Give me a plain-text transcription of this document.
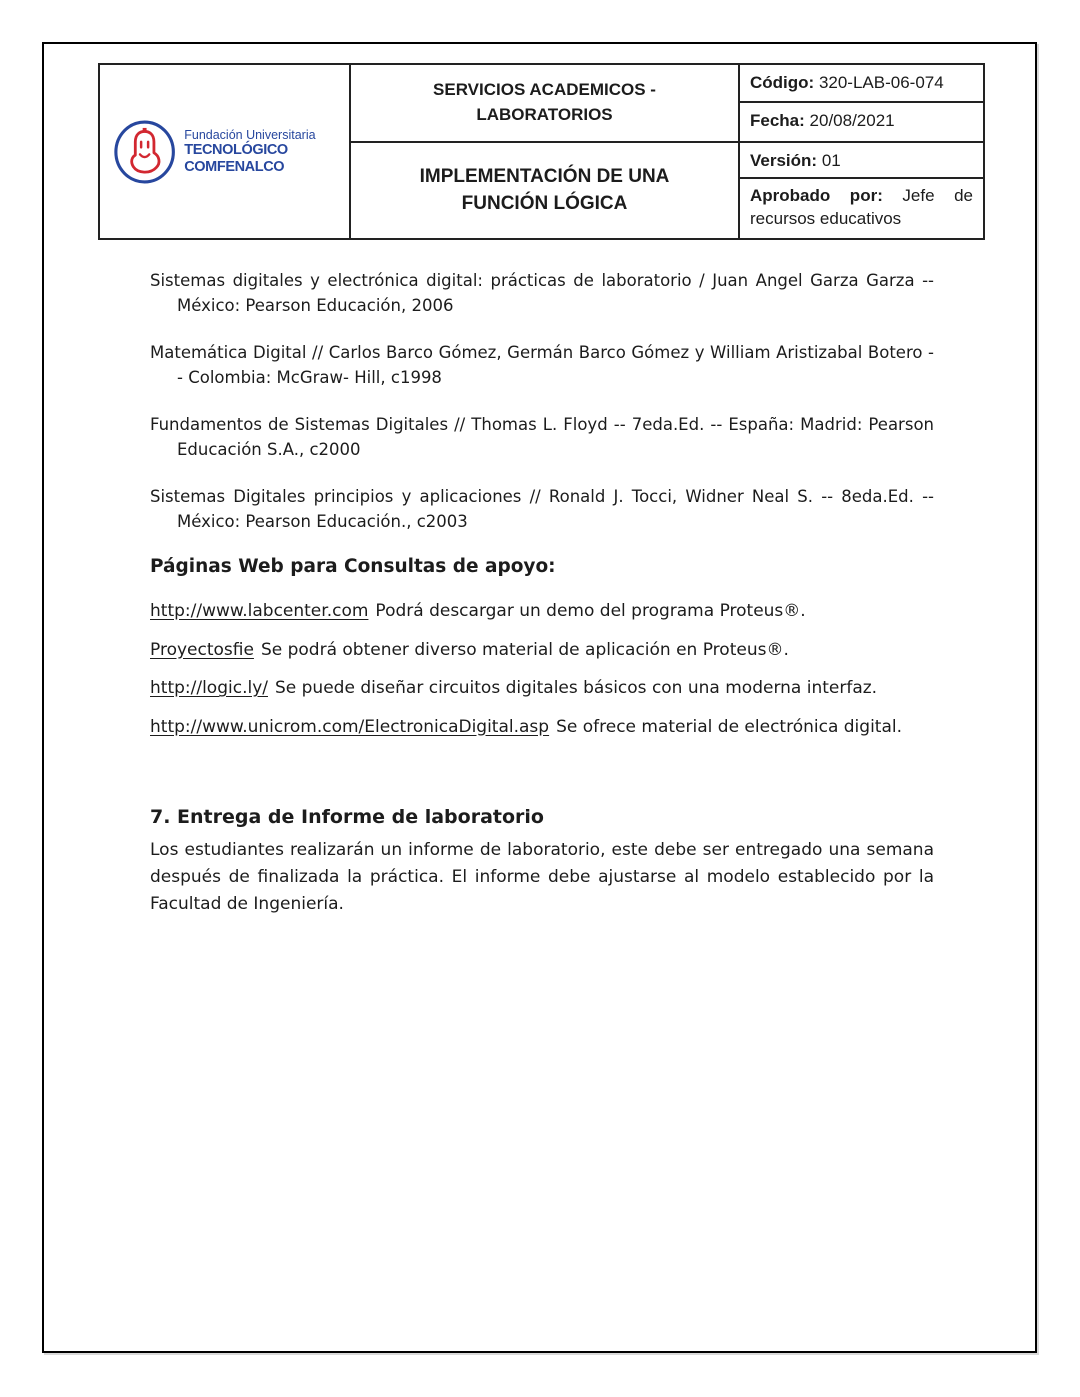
Fundación Universitaria
TECNOLÓGICO COMFENALCO
SERVICIOS ACADEMICOS - LABORATORIOS
IMPLEMENTACIÓN DE UNA FUNCIÓN LÓGICA
Código: 320-LAB-06-074
Fecha: 20/08/2021
Versión: 01
Aprobado por: Jefe de recursos educativos

Sistemas digitales y electrónica digital: prácticas de laboratorio / Juan Angel Garza Garza -- México: Pearson Educación, 2006

Matemática Digital // Carlos Barco Gómez, Germán Barco Gómez y William Aristizabal Botero -- Colombia: McGraw- Hill, c1998

Fundamentos de Sistemas Digitales // Thomas L. Floyd -- 7eda.Ed. -- España: Madrid: Pearson Educación S.A., c2000

Sistemas Digitales principios y aplicaciones // Ronald J. Tocci, Widner Neal S. -- 8eda.Ed. -- México: Pearson Educación., c2003

Páginas Web para Consultas de apoyo:

http://www.labcenter.com Podrá descargar un demo del programa Proteus®.

Proyectosfie Se podrá obtener diverso material de aplicación en Proteus®.

http://logic.ly/ Se puede diseñar circuitos digitales básicos con una moderna interfaz.

http://www.unicrom.com/ElectronicaDigital.asp Se ofrece material de electrónica digital.

7. Entrega de Informe de laboratorio

Los estudiantes realizarán un informe de laboratorio, este debe ser entregado una semana después de finalizada la práctica. El informe debe ajustarse al modelo establecido por la Facultad de Ingeniería.
